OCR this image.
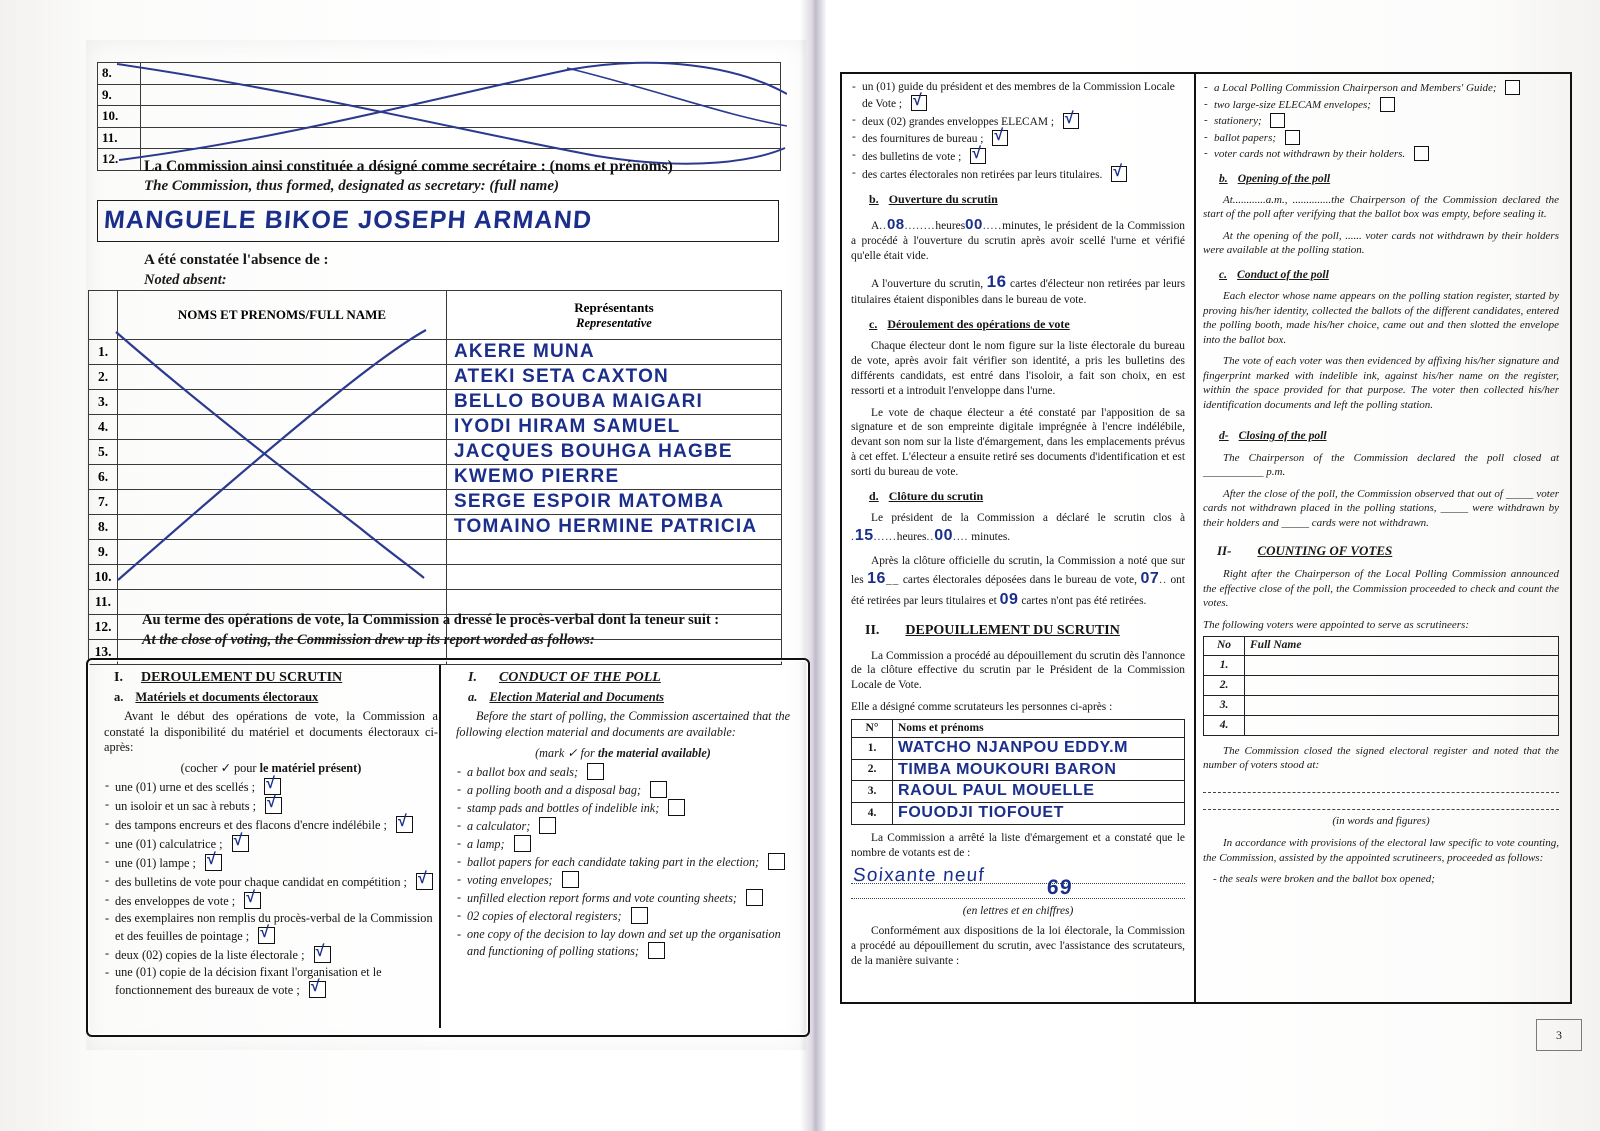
8.	
9.	
10.	
11.	
12.	La Commission ainsi constituée a désigné comme secrétaire : (noms et prénoms)
The Commission, thus formed, designated as secretary: (full name)
MANGUELE BIKOE JOSEPH ARMAND
A été constatée l'absence de :
Noted absent:
	NOMS ET PRENOMS/FULL NAME	Représentants
Representative

1.		AKERE MUNA
2.		ATEKI SETA CAXTON
3.		BELLO BOUBA MAIGARI
4.		IYODI HIRAM SAMUEL
5.		JACQUES BOUHGA HAGBE
6.		KWEMO PIERRE
7.		SERGE ESPOIR MATOMBA
8.		TOMAINO HERMINE PATRICIA
9.		
10.		
11.		
12.		
13.		
Au terme des opérations de vote, la Commission a dressé le procès-verbal dont la teneur suit :
At the close of voting, the Commission drew up its report worded as follows:
I. DEROULEMENT DU SCRUTIN
a. Matériels et documents électoraux

Avant le début des opérations de vote, la Commission a constaté la disponibilité du matériel et documents électoraux ci-après:

(cocher ✓ pour le matériel présent)
- une (01) urne et des scellés ; √
- un isoloir et un sac à rebuts ; √
- des tampons encreurs et des flacons d'encre indélébile ; √
- une (01) calculatrice ; √
- une (01) lampe ; √
- des bulletins de vote pour chaque candidat en compétition ; √
- des enveloppes de vote ; √
- des exemplaires non remplis du procès-verbal de la Commission et des feuilles de pointage ; √
- deux (02) copies de la liste électorale ; √
- une (01) copie de la décision fixant l'organisation et le fonctionnement des bureaux de vote ; √
I. CONDUCT OF THE POLL
a. Election Material and Documents

Before the start of polling, the Commission ascertained that the following election material and documents are available:

(mark ✓ for the material available)
- a ballot box and seals;
- a polling booth and a disposal bag;
- stamp pads and bottles of indelible ink;
- a calculator;
- a lamp;
- ballot papers for each candidate taking part in the election;
- voting envelopes;
- unfilled election report forms and vote counting sheets;
- 02 copies of electoral registers;
- one copy of the decision to lay down and set up the organisation and functioning of polling stations;
- un (01) guide du président et des membres de la Commission Locale de Vote ; √
- deux (02) grandes enveloppes ELECAM ; √
- des fournitures de bureau ; √
- des bulletins de vote ; √
- des cartes électorales non retirées par leurs titulaires. √
b. Ouverture du scrutin

A..08........heures00.....minutes, le président de la Commission a procédé à l'ouverture du scrutin après avoir scellé l'urne et vérifié qu'elle était vide.

A l'ouverture du scrutin, 16 cartes d'électeur non retirées par leurs titulaires étaient disponibles dans le bureau de vote.

c. Déroulement des opérations de vote

Chaque électeur dont le nom figure sur la liste électorale du bureau de vote, après avoir fait vérifier son identité, a pris les bulletins des différents candidats, est entré dans l'isoloir, a fait son choix, en est ressorti et a introduit l'enveloppe dans l'urne.

Le vote de chaque électeur a été constaté par l'apposition de sa signature et de son empreinte digitale imprégnée à l'encre indélébile, devant son nom sur la liste d'émargement, dans les emplacements prévus à cet effet. L'électeur a ensuite retiré ses documents d'identification et est sorti du bureau de vote.

d. Clôture du scrutin

Le président de la Commission a déclaré le scrutin clos à .15......heures..00.... minutes.

Après la clôture officielle du scrutin, la Commission a noté que sur les 16__ cartes électorales déposées dans le bureau de vote, 07.. ont été retirées par leurs titulaires et 09 cartes n'ont pas été retirées.

II. DEPOUILLEMENT DU SCRUTIN

La Commission a procédé au dépouillement du scrutin dès l'annonce de la clôture effective du scrutin par le Président de la Commission Locale de Vote.

Elle a désigné comme scrutateurs les personnes ci-après :

N°	Noms et prénoms
1.	WATCHO NJANPOU EDDY.M
2.	TIMBA MOUKOURI BARON
3.	RAOUL PAUL MOUELLE
4.	FOUODJI TIOFOUET

La Commission a arrêté la liste d'émargement et a constaté que le nombre de votants est de :

Soixante neuf
69
(en lettres et en chiffres)

Conformément aux dispositions de la loi électorale, la Commission a procédé au dépouillement du scrutin, avec l'assistance des scrutateurs, de la manière suivante :

- a Local Polling Commission Chairperson and Members' Guide;
- two large-size ELECAM envelopes;
- stationery;
- ballot papers;
- voter cards not withdrawn by their holders.
b. Opening of the poll

At............a.m., ..............the Chairperson of the Commission declared the start of the poll after verifying that the ballot box was empty, before sealing it.

At the opening of the poll, ...... voter cards not withdrawn by their holders were available at the polling station.

c. Conduct of the poll

Each elector whose name appears on the polling station register, started by proving his/her identity, collected the ballots of the different candidates, entered the polling booth, made his/her choice, came out and then slotted the envelope into the ballot box.

The vote of each voter was then evidenced by affixing his/her signature and fingerprint marked with indelible ink, against his/her name on the register, within the space provided for that purpose. The voter then collected his/her identification documents and left the polling station.

d- Closing of the poll

The Chairperson of the Commission declared the poll closed at ___________ p.m.

After the close of the poll, the Commission observed that out of _____ voter cards not withdrawn placed in the polling stations, _____ were withdrawn by their holders and _____ cards were not withdrawn.

II- COUNTING OF VOTES

Right after the Chairperson of the Local Polling Commission announced the effective close of the poll, the Commission proceeded to check and count the votes.

The following voters were appointed to serve as scrutineers:

No	Full Name
1.	
2.	
3.	
4.	

The Commission closed the signed electoral register and noted that the number of voters stood at:

(in words and figures)

In accordance with provisions of the electoral law specific to vote counting, the Commission, assisted by the appointed scrutineers, proceeded as follows:

- the seals were broken and the ballot box opened;

3
